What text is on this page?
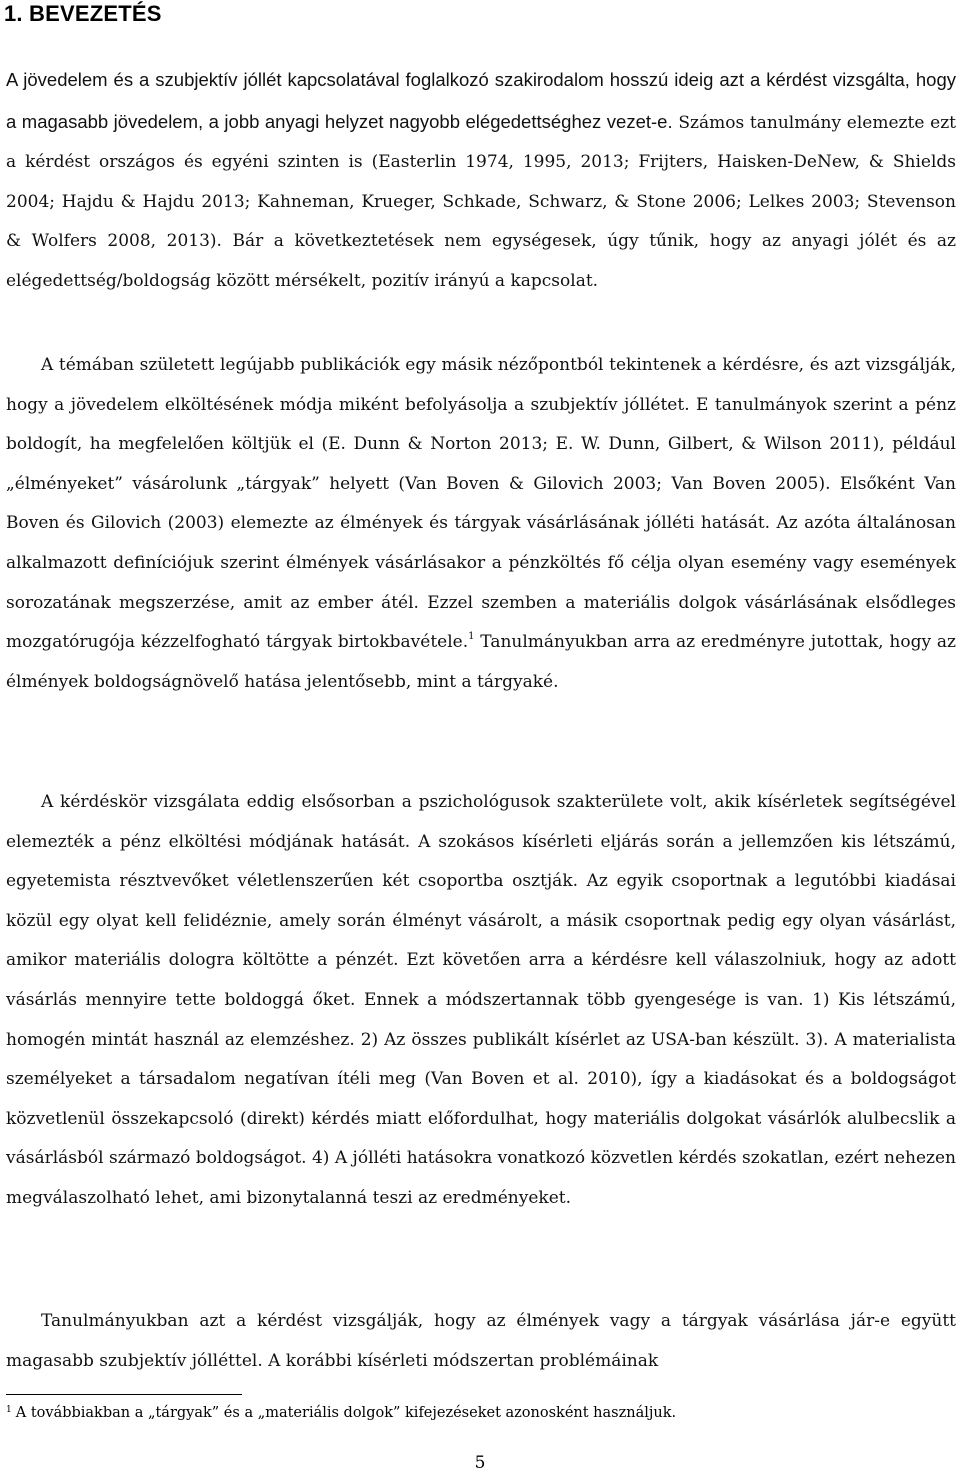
1. BEVEZETÉS

A jövedelem és a szubjektív jóllét kapcsolatával foglalkozó szakirodalom hosszú ideig azt a kérdést vizsgálta, hogy a magasabb jövedelem, a jobb anyagi helyzet nagyobb elégedettséghez vezet-e. Számos tanulmány elemezte ezt a kérdést országos és egyéni szinten is (Easterlin 1974, 1995, 2013; Frijters, Haisken-DeNew, & Shields 2004; Hajdu & Hajdu 2013; Kahneman, Krueger, Schkade, Schwarz, & Stone 2006; Lelkes 2003; Stevenson & Wolfers 2008, 2013). Bár a következtetések nem egységesek, úgy tűnik, hogy az anyagi jólét és az elégedettség/boldogság között mérsékelt, pozitív irányú a kapcsolat.

A témában született legújabb publikációk egy másik nézőpontból tekintenek a kérdésre, és azt vizsgálják, hogy a jövedelem elköltésének módja miként befolyásolja a szubjektív jóllétet. E tanulmányok szerint a pénz boldogít, ha megfelelően költjük el (E. Dunn & Norton 2013; E. W. Dunn, Gilbert, & Wilson 2011), például „élményeket” vásárolunk „tárgyak” helyett (Van Boven & Gilovich 2003; Van Boven 2005). Elsőként Van Boven és Gilovich (2003) elemezte az élmények és tárgyak vásárlásának jólléti hatását. Az azóta általánosan alkalmazott definíciójuk szerint élmények vásárlásakor a pénzköltés fő célja olyan esemény vagy események sorozatának megszerzése, amit az ember átél. Ezzel szemben a materiális dolgok vásárlásának elsődleges mozgatórugója kézzelfogható tárgyak birtokbavétele.$^1$ Tanulmányukban arra az eredményre jutottak, hogy az élmények boldogságnövelő hatása jelentősebb, mint a tárgyaké.

A kérdéskör vizsgálata eddig elsősorban a pszichológusok szakterülete volt, akik kísérletek segítségével elemezték a pénz elköltési módjának hatását. A szokásos kísérleti eljárás során a jellemzően kis létszámú, egyetemista résztvevőket véletlenszerűen két csoportba osztják. Az egyik csoportnak a legutóbbi kiadásai közül egy olyat kell felidéznie, amely során élményt vásárolt, a másik csoportnak pedig egy olyan vásárlást, amikor materiális dologra költötte a pénzét. Ezt követően arra a kérdésre kell válaszolniuk, hogy az adott vásárlás mennyire tette boldoggá őket. Ennek a módszertannak több gyengesége is van. 1) Kis létszámú, homogén mintát használ az elemzéshez. 2) Az összes publikált kísérlet az USA-ban készült. 3). A materialista személyeket a társadalom negatívan ítéli meg (Van Boven et al. 2010), így a kiadásokat és a boldogságot közvetlenül összekapcsoló (direkt) kérdés miatt előfordulhat, hogy materiális dolgokat vásárlók alulbecslik a vásárlásból származó boldogságot. 4) A jólléti hatásokra vonatkozó közvetlen kérdés szokatlan, ezért nehezen megválaszolható lehet, ami bizonytalanná teszi az eredményeket.

Tanulmányukban azt a kérdést vizsgálják, hogy az élmények vagy a tárgyak vásárlása jár-e együtt magasabb szubjektív jólléttel. A korábbi kísérleti módszertan problémáinak

$^1$ A továbbiakban a „tárgyak” és a „materiális dolgok” kifejezéseket azonosként használjuk.
5
